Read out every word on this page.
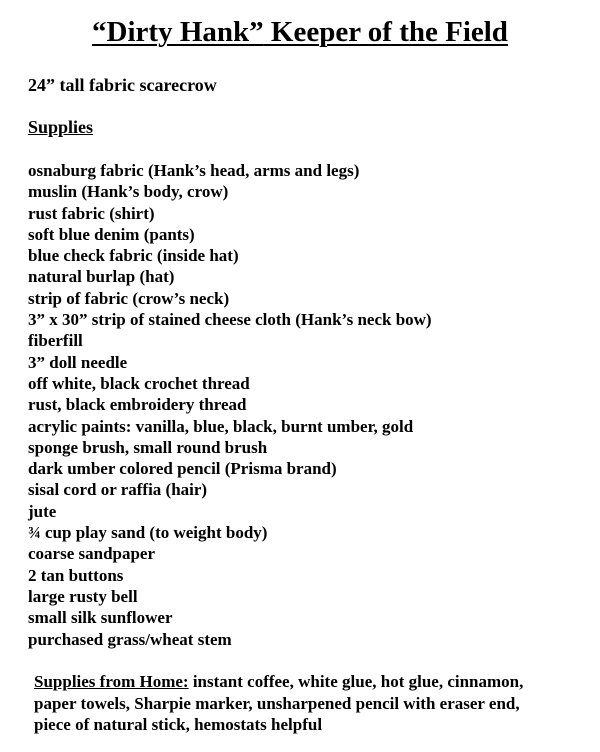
“Dirty Hank” Keeper of the Field
24” tall fabric scarecrow
Supplies
osnaburg fabric (Hank’s head, arms and legs)
muslin (Hank’s body, crow)
rust fabric (shirt)
soft blue denim (pants)
blue check fabric (inside hat)
natural burlap (hat)
strip of fabric (crow’s neck)
3” x 30” strip of stained cheese cloth (Hank’s neck bow)
fiberfill
3” doll needle
off white, black crochet thread
rust, black embroidery thread
acrylic paints: vanilla, blue, black, burnt umber, gold
sponge brush, small round brush
dark umber colored pencil (Prisma brand)
sisal cord or raffia (hair)
jute
¾ cup play sand (to weight body)
coarse sandpaper
2 tan buttons
large rusty bell
small silk sunflower
purchased grass/wheat stem
Supplies from Home: instant coffee, white glue, hot glue, cinnamon,
paper towels, Sharpie marker, unsharpened pencil with eraser end,
piece of natural stick, hemostats helpful
